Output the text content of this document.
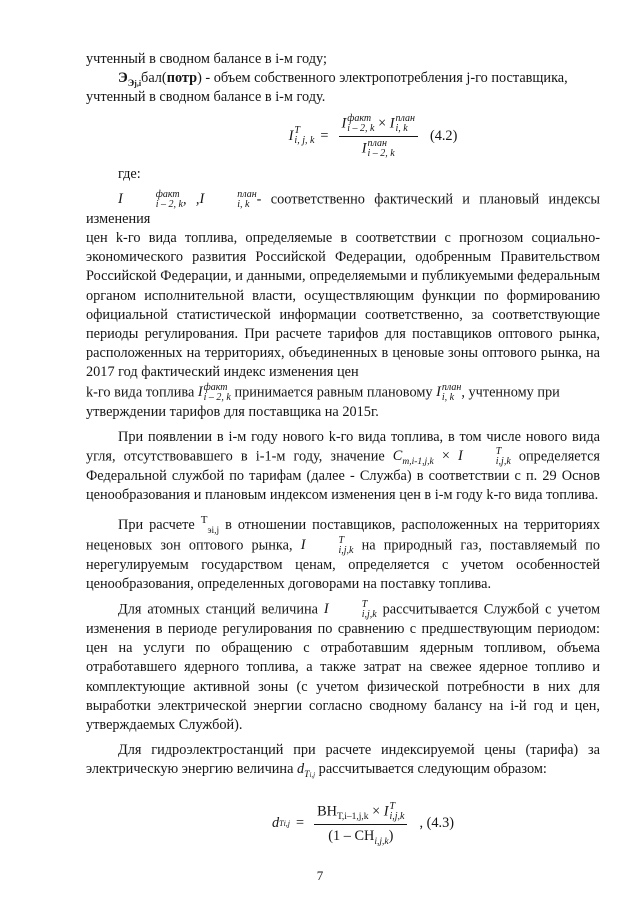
учтенный в сводном балансе в i-м году;

$Э_{Эj,i}бал(потр)$ - объем собственного электропотребления j-го поставщика,

учтенный в сводном балансе в i-м году.

I T
i, j, k = I факт
i – 2, k × I план
i, k
I план
i – 2, k (4.2)

где:

I	факт
i – 2, k , ,I	план
i, k - соответственно фактический и плановый индексы изменения

цен k-го вида топлива, определяемые в соответствии с прогнозом социально-экономического развития Российской Федерации, одобренным Правительством Российской Федерации, и данными, определяемыми и публикуемыми федеральным органом исполнительной власти, осуществляющим функции по формированию официальной статистической информации соответственно, за соответствующие периоды регулирования. При расчете тарифов для поставщиков оптового рынка, расположенных на территориях, объединенных в ценовые зоны оптового рынка, на 2017 год фактический индекс изменения цен

k-го вида топлива I факт
i – 2, k принимается равным плановому I план
i, k , учтенному при

утверждении тарифов для поставщика на 2015г.

При появлении в i-м году нового k-го вида топлива, в том числе нового вида угля, отсутствовавшего в i-1-м году, значение $C_{m,i-1,j,k} \times I$	T
i,j,k определяется Федеральной службой по тарифам (далее - Служба) в соответствии с п. 29 Основ ценообразования и плановым индексом изменения цен в i-м году k-го вида топлива.

При расчете $^Т_{эi,j}$ в отношении поставщиков, расположенных на территориях неценовых зон оптового рынка, I	T
i,j,k на природный газ, поставляемый по нерегулируемым государством ценам, определяется с учетом особенностей ценообразования, определенных договорами на поставку топлива.

Для атомных станций величина I	T
i,j,k рассчитывается Службой с учетом изменения в периоде регулирования по сравнению с предшествующим периодом: цен на услуги по обращению с отработавшим ядерным топливом, объема отработавшего ядерного топлива, а также затрат на свежее ядерное топливо и комплектующие активной зоны (с учетом физической потребности в них для выработки электрической энергии согласно сводному балансу на i-й год и цен, утверждаемых Службой).

Для гидроэлектростанций при расчете индексируемой цены (тарифа) за электрическую энергию величина $d_{Тi,j}$ рассчитывается следующим образом:

d $Тi,j = ВН_{Т,i-1,j,k} \times I$ T
i,j,k
$(1 - СН_{i,j,k})$ , (4.3)
7
